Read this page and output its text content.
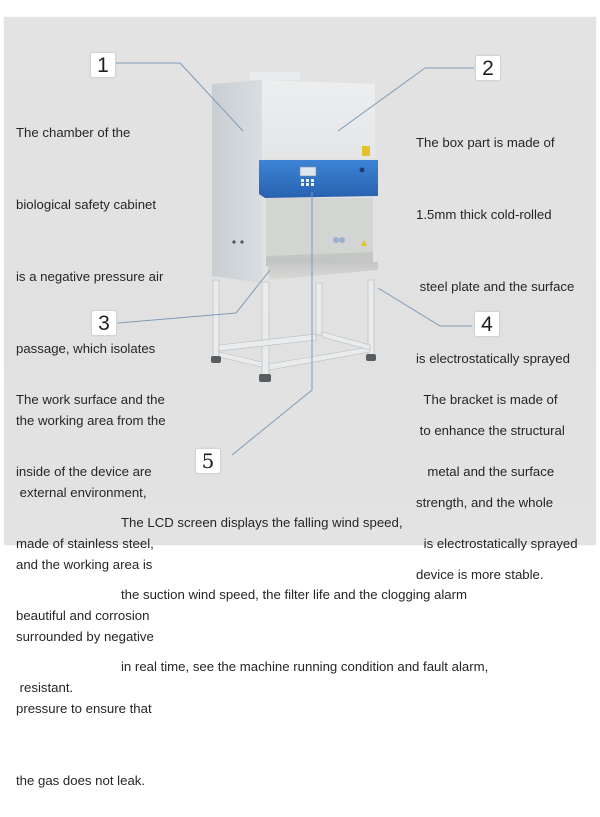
1

The chamber of the

biological safety cabinet

is a negative pressure air

passage, which isolates

the working area from the

external environment,

and the working area is

surrounded by negative

pressure to ensure that

the gas does not leak.

2

The box part is made of

1.5mm thick cold-rolled

steel plate and the surface

is electrostatically sprayed

to enhance the structural

strength, and the whole

device is more stable.

3

The work surface and the

inside of the device are

made of stainless steel,

beautiful and corrosion

resistant.

4

The bracket is made of

metal and the surface

is electrostatically sprayed

5

The LCD screen displays the falling wind speed,

the suction wind speed, the filter life and the clogging alarm

in real time, see the machine running condition and fault alarm,
